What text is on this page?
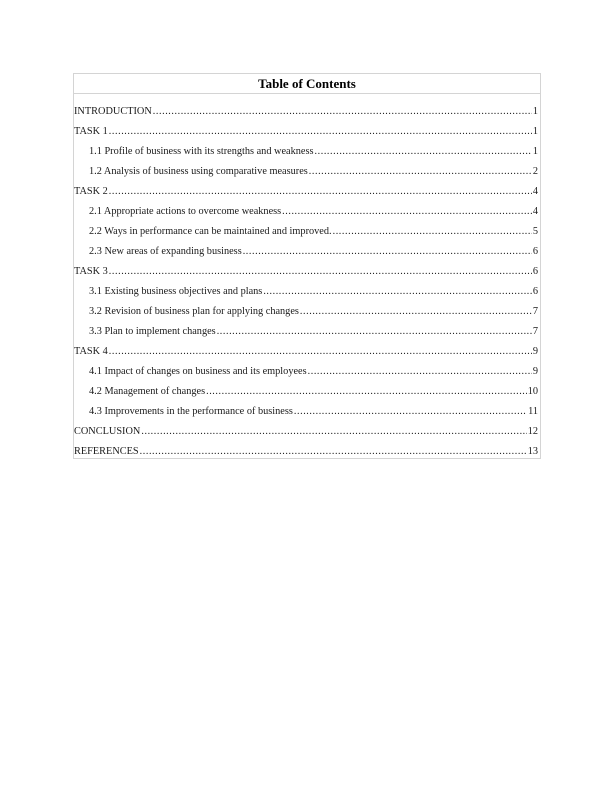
Table of Contents
INTRODUCTION .....	1
TASK 1 .....	1
1.1 Profile of business with its strengths and weakness .....	1
1.2 Analysis of business using comparative measures .....	2
TASK 2 .....	4
2.1 Appropriate actions to overcome weakness .....	4
2.2 Ways in performance can be maintained and improved. .....	5
2.3 New areas of expanding business .....	6
TASK 3 .....	6
3.1 Existing business objectives and plans .....	6
3.2 Revision of business plan for applying changes .....	7
3.3 Plan to implement changes .....	7
TASK 4 .....	9
4.1 Impact of changes on business and its employees .....	9
4.2 Management of changes .....	10
4.3 Improvements in the performance of business .....	11
CONCLUSION .....	12
REFERENCES .....	13
